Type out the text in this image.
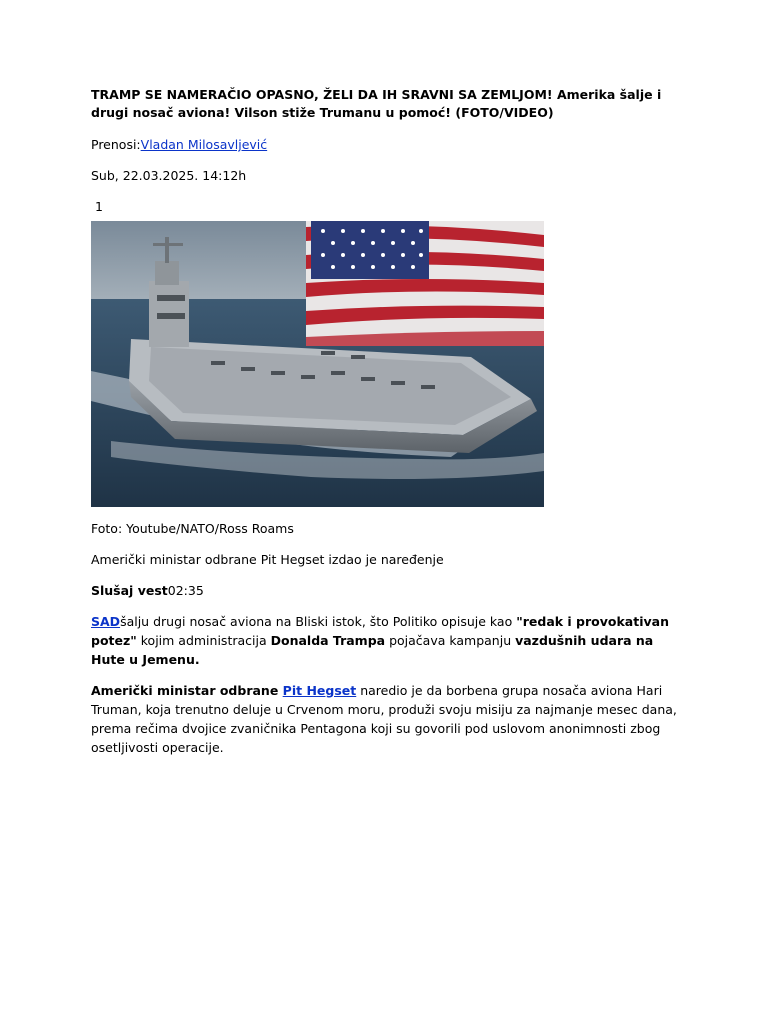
TRAMP SE NAMERAČIO OPASNO, ŽELI DA IH SRAVNI SA ZEMLJOM! Amerika šalje i drugi nosač aviona! Vilson stiže Trumanu u pomoć! (FOTO/VIDEO)

Prenosi:Vladan Milosavljević

Sub, 22.03.2025. 14:12h

1

Foto: Youtube/NATO/Ross Roams

Američki ministar odbrane Pit Hegset izdao je naređenje

Slušaj vest02:35

SADšalju drugi nosač aviona na Bliski istok, što Politiko opisuje kao "redak i provokativan potez" kojim administracija Donalda Trampa pojačava kampanju vazdušnih udara na Hute u Jemenu.

Američki ministar odbrane Pit Hegset naredio je da borbena grupa nosača aviona Hari Truman, koja trenutno deluje u Crvenom moru, produži svoju misiju za najmanje mesec dana, prema rečima dvojice zvaničnika Pentagona koji su govorili pod uslovom anonimnosti zbog osetljivosti operacije.
